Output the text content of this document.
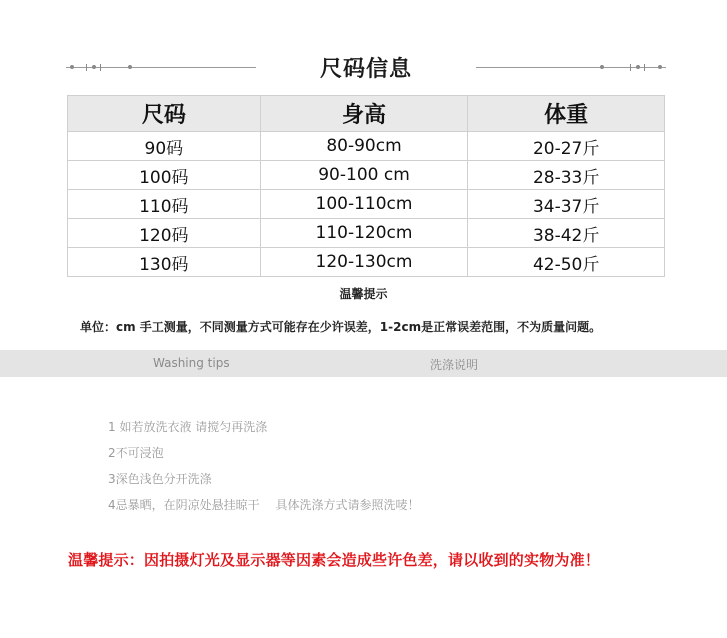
尺码信息
尺码	身高	体重
90码	80-90cm	20-27斤
100码	90-100 cm	28-33斤
110码	100-110cm	34-37斤
120码	110-120cm	38-42斤
130码	120-130cm	42-50斤
温馨提示
单位：cm 手工测量，不同测量方式可能存在少许误差，1-2cm是正常误差范围，不为质量问题。
Washing tips	洗涤说明
1 如若放洗衣液 请搅匀再洗涤
2不可浸泡
3深色浅色分开洗涤
4忌暴晒，在阴凉处悬挂晾干　 具体洗涤方式请参照洗唛！
温馨提示：因拍摄灯光及显示器等因素会造成些许色差，请以收到的实物为准！
